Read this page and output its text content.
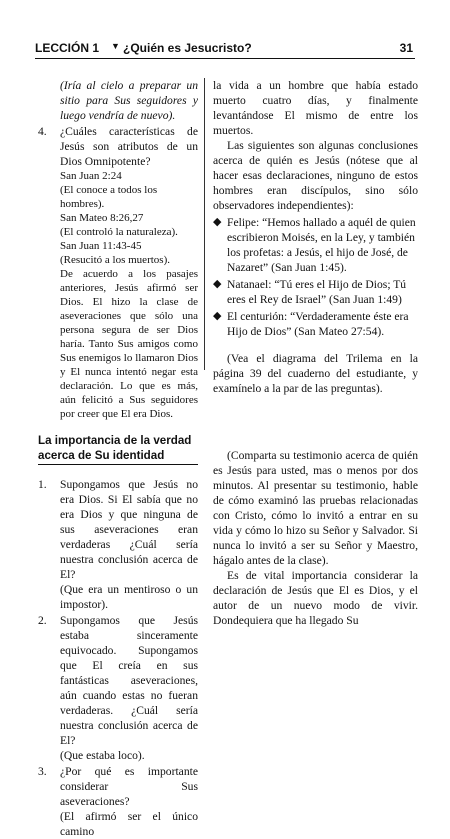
LECCIÓN 1 ▼ ¿Quién es Jesucristo?	31

(Iría al cielo a preparar un sitio para Sus seguidores y luego vendría de nuevo).

4.	¿Cuáles características de Jesús son atributos de un Dios Omnipotente?

San Juan 2:24
(El conoce a todos los hombres).
San Mateo 8:26,27
(El controló la naturaleza).
San Juan 11:43-45
(Resucitó a los muertos).

De acuerdo a los pasajes anteriores, Jesús afirmó ser Dios. El hizo la clase de aseveraciones que sólo una persona segura de ser Dios haría. Tanto Sus amigos como Sus enemigos lo llamaron Dios y El nunca intentó negar esta declaración. Lo que es más, aún felicitó a Sus seguidores por creer que El era Dios.

La importancia de la verdad acerca de Su identidad
1.	Supongamos que Jesús no era Dios. Si El sabía que no era Dios y que ninguna de sus aseveraciones eran verdaderas ¿Cuál sería nuestra conclusión acerca de El?

(Que era un mentiroso o un impostor).

2.	Supongamos que Jesús estaba sinceramente equivocado. Supongamos que El creía en sus fantásticas aseveraciones, aún cuando estas no fueran verdaderas. ¿Cuál sería nuestra conclusión acerca de El?

(Que estaba loco).

3.	¿Por qué es importante considerar Sus aseveraciones?

(El afirmó ser el único camino

la vida a un hombre que había estado muerto cuatro días, y finalmente levantándose El mismo de entre los muertos.

Las siguientes son algunas conclusiones acerca de quién es Jesús (nótese que al hacer esas declaraciones, ninguno de estos hombres eran discípulos, sino sólo observadores independientes):

◆ Felipe: “Hemos hallado a aquél de quien escribieron Moisés, en la Ley, y también los profetas: a Jesús, el hijo de José, de Nazaret” (San Juan 1:45).
◆ Natanael: “Tú eres el Hijo de Dios; Tú eres el Rey de Israel” (San Juan 1:49)
◆ El centurión: “Verdaderamente éste era Hijo de Dios” (San Mateo 27:54).

(Vea el diagrama del Trilema en la página 39 del cuaderno del estudiante, y examínelo a la par de las preguntas).

(Comparta su testimonio acerca de quién es Jesús para usted, mas o menos por dos minutos. Al presentar su testimonio, hable de cómo examinó las pruebas relacionadas con Cristo, cómo lo invitó a entrar en su vida y cómo lo hizo su Señor y Salvador. Si nunca lo invitó a ser su Señor y Maestro, hágalo antes de la clase).

Es de vital importancia considerar la declaración de Jesús que El es Dios, y el autor de un nuevo modo de vivir. Dondequiera que ha llegado Su
